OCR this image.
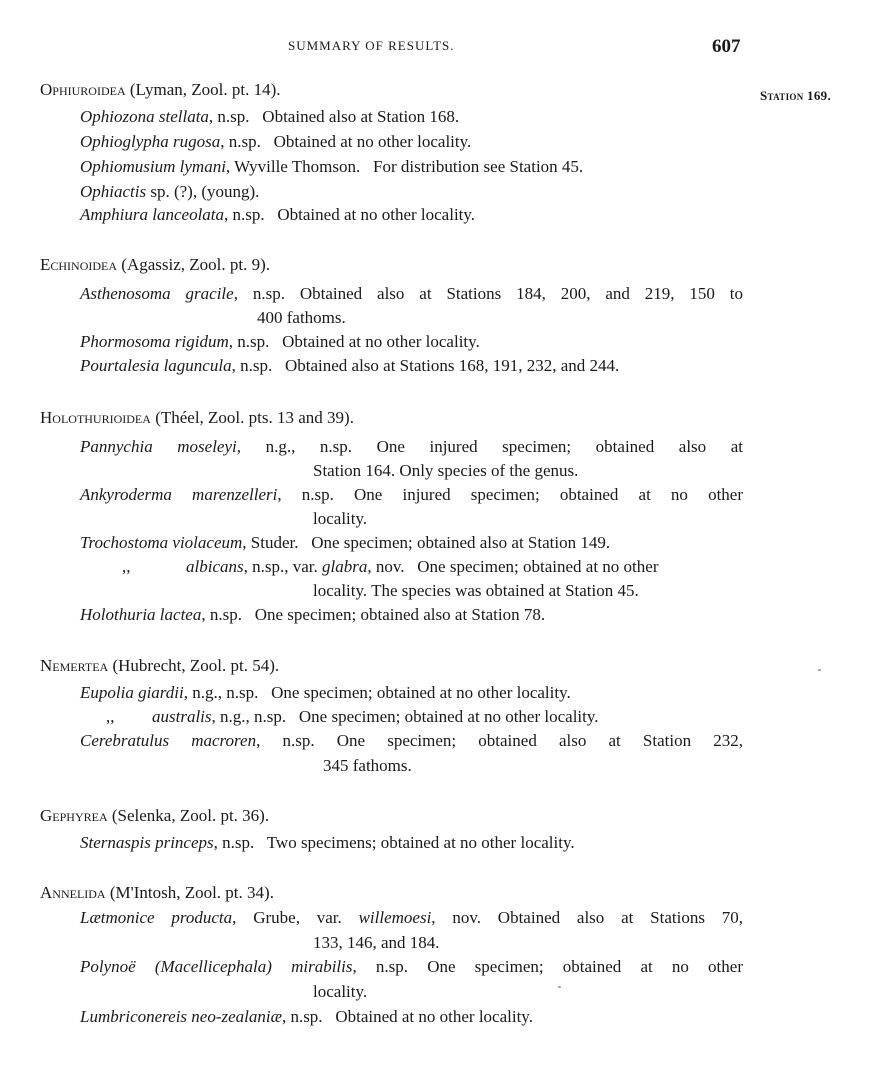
SUMMARY OF RESULTS.	607
Station 169.
Ophiuroidea (Lyman, Zool. pt. 14).
Ophiozona stellata, n.sp. Obtained also at Station 168.
Ophioglypha rugosa, n.sp. Obtained at no other locality.
Ophiomusium lymani, Wyville Thomson. For distribution see Station 45.
Ophiactis sp. (?), (young).
Amphiura lanceolata, n.sp. Obtained at no other locality.
Echinoidea (Agassiz, Zool. pt. 9).
Asthenosoma gracile, n.sp. Obtained also at Stations 184, 200, and 219, 150 to
400 fathoms.
Phormosoma rigidum, n.sp. Obtained at no other locality.
Pourtalesia laguncula, n.sp. Obtained also at Stations 168, 191, 232, and 244.
Holothurioidea (Théel, Zool. pts. 13 and 39).
Pannychia moseleyi, n.g., n.sp. One injured specimen; obtained also at
Station 164. Only species of the genus.
Ankyroderma marenzelleri, n.sp. One injured specimen; obtained at no other
locality.
Trochostoma violaceum, Studer. One specimen; obtained also at Station 149.
,,	albicans, n.sp., var. glabra, nov. One specimen; obtained at no other
locality. The species was obtained at Station 45.
Holothuria lactea, n.sp. One specimen; obtained also at Station 78.
Nemertea (Hubrecht, Zool. pt. 54).
Eupolia giardii, n.g., n.sp. One specimen; obtained at no other locality.
,, australis, n.g., n.sp. One specimen; obtained at no other locality.
Cerebratulus macroren, n.sp. One specimen; obtained also at Station 232,
345 fathoms.
Gephyrea (Selenka, Zool. pt. 36).
Sternaspis princeps, n.sp. Two specimens; obtained at no other locality.
Annelida (M'Intosh, Zool. pt. 34).
Lætmonice producta, Grube, var. willemoesi, nov. Obtained also at Stations 70,
133, 146, and 184.
Polynoë (Macellicephala) mirabilis, n.sp. One specimen; obtained at no other
locality.
Lumbriconereis neo-zealaniæ, n.sp. Obtained at no other locality.
